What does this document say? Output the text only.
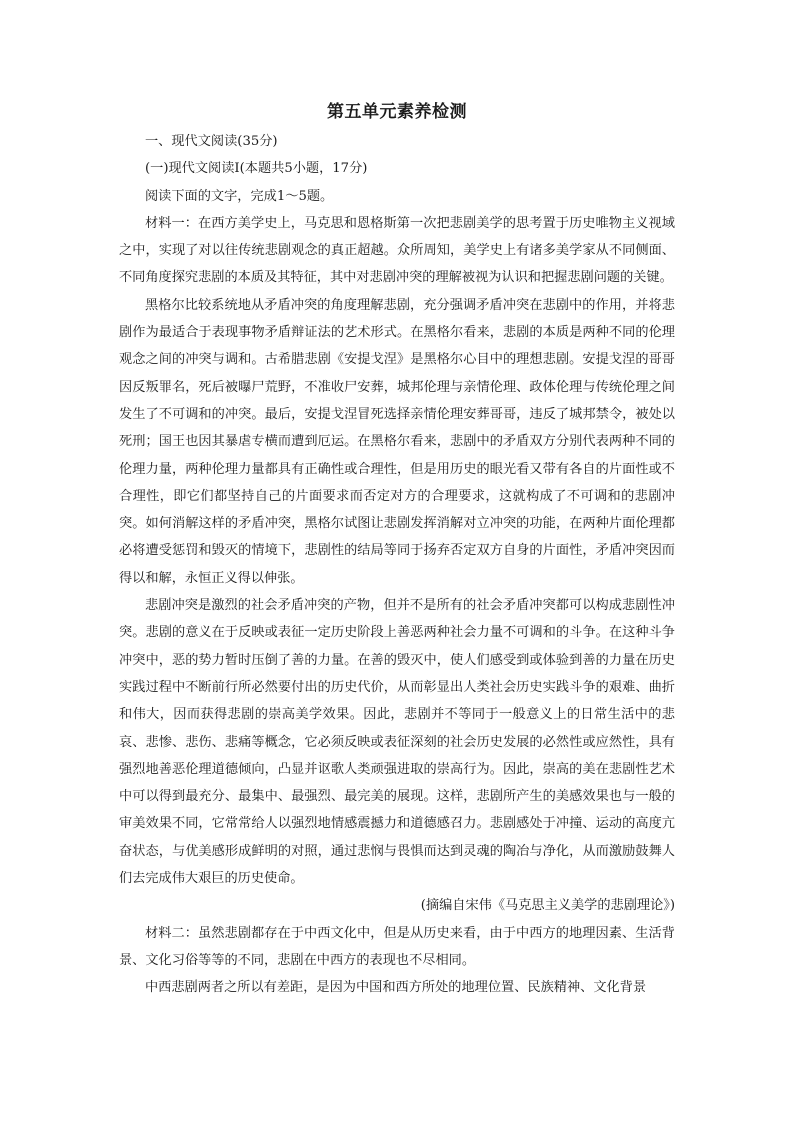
第五单元素养检测

一、现代文阅读(35分)

(一)现代文阅读Ⅰ(本题共5小题，17分)

阅读下面的文字，完成1～5题。

材料一：在西方美学史上，马克思和恩格斯第一次把悲剧美学的思考置于历史唯物主义视域之中，实现了对以往传统悲剧观念的真正超越。众所周知，美学史上有诸多美学家从不同侧面、不同角度探究悲剧的本质及其特征，其中对悲剧冲突的理解被视为认识和把握悲剧问题的关键。

黑格尔比较系统地从矛盾冲突的角度理解悲剧，充分强调矛盾冲突在悲剧中的作用，并将悲剧作为最适合于表现事物矛盾辩证法的艺术形式。在黑格尔看来，悲剧的本质是两种不同的伦理观念之间的冲突与调和。古希腊悲剧《安提戈涅》是黑格尔心目中的理想悲剧。安提戈涅的哥哥因反叛罪名，死后被曝尸荒野，不准收尸安葬，城邦伦理与亲情伦理、政体伦理与传统伦理之间发生了不可调和的冲突。最后，安提戈涅冒死选择亲情伦理安葬哥哥，违反了城邦禁令，被处以死刑；国王也因其暴虐专横而遭到厄运。在黑格尔看来，悲剧中的矛盾双方分别代表两种不同的伦理力量，两种伦理力量都具有正确性或合理性，但是用历史的眼光看又带有各自的片面性或不合理性，即它们都坚持自己的片面要求而否定对方的合理要求，这就构成了不可调和的悲剧冲突。如何消解这样的矛盾冲突，黑格尔试图让悲剧发挥消解对立冲突的功能，在两种片面伦理都必将遭受惩罚和毁灭的情境下，悲剧性的结局等同于扬弃否定双方自身的片面性，矛盾冲突因而得以和解，永恒正义得以伸张。

悲剧冲突是激烈的社会矛盾冲突的产物，但并不是所有的社会矛盾冲突都可以构成悲剧性冲突。悲剧的意义在于反映或表征一定历史阶段上善恶两种社会力量不可调和的斗争。在这种斗争冲突中，恶的势力暂时压倒了善的力量。在善的毁灭中，使人们感受到或体验到善的力量在历史实践过程中不断前行所必然要付出的历史代价，从而彰显出人类社会历史实践斗争的艰难、曲折和伟大，因而获得悲剧的崇高美学效果。因此，悲剧并不等同于一般意义上的日常生活中的悲哀、悲惨、悲伤、悲痛等概念，它必须反映或表征深刻的社会历史发展的必然性或应然性，具有强烈地善恶伦理道德倾向，凸显并讴歌人类顽强进取的崇高行为。因此，崇高的美在悲剧性艺术中可以得到最充分、最集中、最强烈、最完美的展现。这样，悲剧所产生的美感效果也与一般的审美效果不同，它常常给人以强烈地情感震撼力和道德感召力。悲剧感处于冲撞、运动的高度亢奋状态，与优美感形成鲜明的对照，通过悲悯与畏惧而达到灵魂的陶冶与净化，从而激励鼓舞人们去完成伟大艰巨的历史使命。

(摘编自宋伟《马克思主义美学的悲剧理论》)

材料二：虽然悲剧都存在于中西文化中，但是从历史来看，由于中西方的地理因素、生活背景、文化习俗等等的不同，悲剧在中西方的表现也不尽相同。

中西悲剧两者之所以有差距，是因为中国和西方所处的地理位置、民族精神、文化背景
